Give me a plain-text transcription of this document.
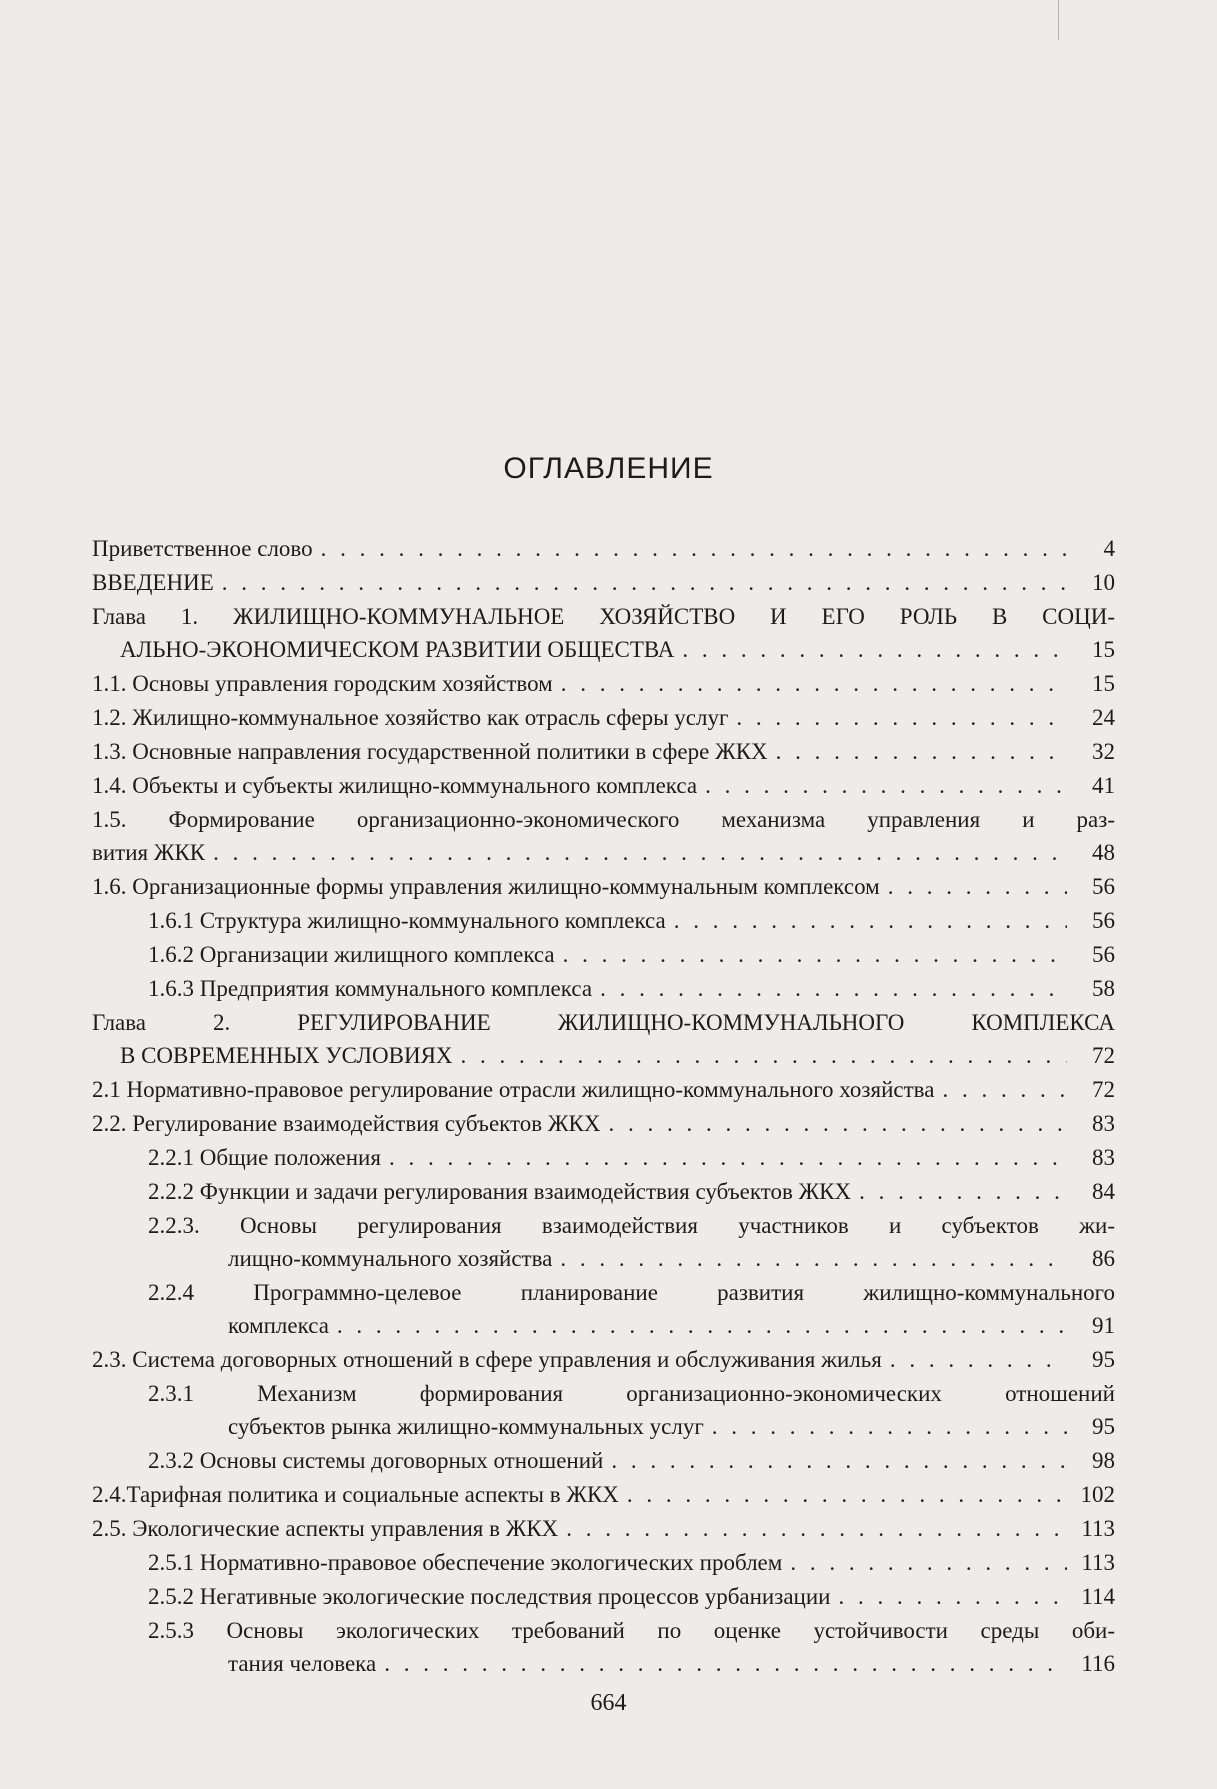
ОГЛАВЛЕНИЕ
Приветственное слово . . .	4
ВВЕДЕНИЕ . . .	10
Глава 1. ЖИЛИЩНО-КОММУНАЛЬНОЕ ХОЗЯЙСТВО И ЕГО РОЛЬ В СОЦИ-
АЛЬНО-ЭКОНОМИЧЕСКОМ РАЗВИТИИ ОБЩЕСТВА . . .	15
1.1. Основы управления городским хозяйством . . .	15
1.2. Жилищно-коммунальное хозяйство как отрасль сферы услуг . . .	24
1.3. Основные направления государственной политики в сфере ЖКХ . . .	32
1.4. Объекты и субъекты жилищно-коммунального комплекса . . .	41
1.5. Формирование организационно-экономического механизма управления и раз-
вития ЖКК . . .	48
1.6. Организационные формы управления жилищно-коммунальным комплексом . . .	56
1.6.1 Структура жилищно-коммунального комплекса . . .	56
1.6.2 Организации жилищного комплекса . . .	56
1.6.3 Предприятия коммунального комплекса . . .	58
Глава 2. РЕГУЛИРОВАНИЕ ЖИЛИЩНО-КОММУНАЛЬНОГО КОМПЛЕКСА
В СОВРЕМЕННЫХ УСЛОВИЯХ . . .	72
2.1 Нормативно-правовое регулирование отрасли жилищно-коммунального хозяйства . . .	72
2.2. Регулирование взаимодействия субъектов ЖКХ . . .	83
2.2.1 Общие положения . . .	83
2.2.2 Функции и задачи регулирования взаимодействия субъектов ЖКХ . . .	84
2.2.3. Основы регулирования взаимодействия участников и субъектов жи-
лищно-коммунального хозяйства . . .	86
2.2.4 Программно-целевое планирование развития жилищно-коммунального
комплекса . . .	91
2.3. Система договорных отношений в сфере управления и обслуживания жилья . . .	95
2.3.1 Механизм формирования организационно-экономических отношений
субъектов рынка жилищно-коммунальных услуг . . .	95
2.3.2 Основы системы договорных отношений . . .	98
2.4.Тарифная политика и социальные аспекты в ЖКХ . . .	102
2.5. Экологические аспекты управления в ЖКХ . . .	113
2.5.1 Нормативно-правовое обеспечение экологических проблем . . .	113
2.5.2 Негативные экологические последствия процессов урбанизации . . .	114
2.5.3 Основы экологических требований по оценке устойчивости среды оби-
тания человека . . .	116
664
